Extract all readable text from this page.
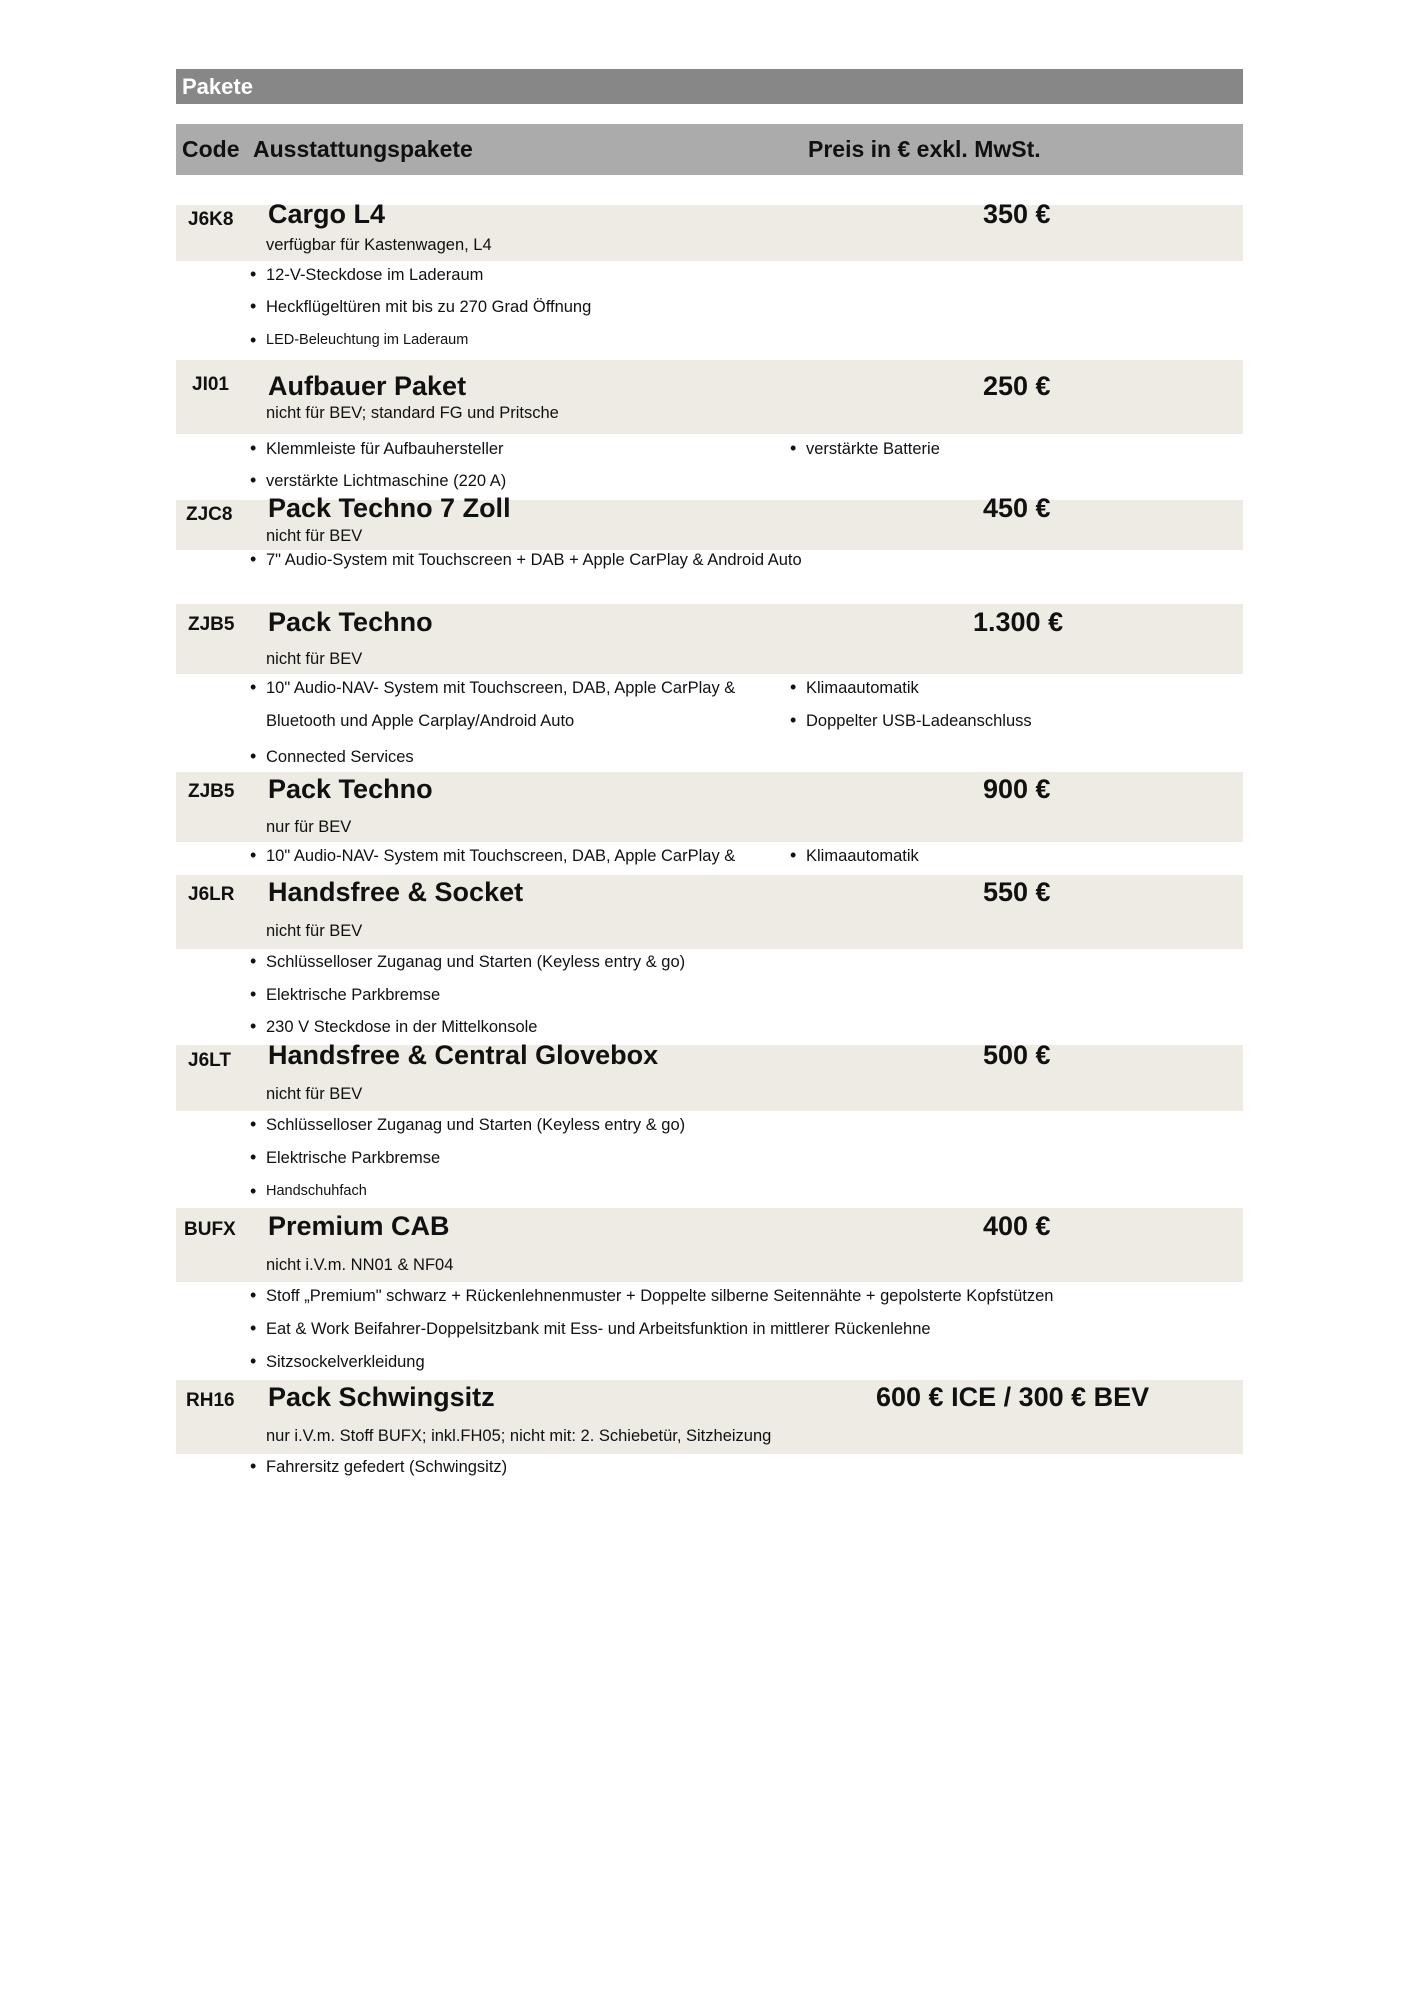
Pakete
Code Ausstattungspakete	Preis in € exkl. MwSt.
J6K8 Cargo L4	350 €
verfügbar für Kastenwagen, L4
• 12-V-Steckdose im Laderaum
• Heckflügeltüren mit bis zu 270 Grad Öffnung
• LED-Beleuchtung im Laderaum
JI01 Aufbauer Paket	250 €
nicht für BEV; standard FG und Pritsche
• Klemmleiste für Aufbauhersteller	• verstärkte Batterie
• verstärkte Lichtmaschine (220 A)
ZJC8 Pack Techno 7 Zoll	450 €
nicht für BEV
• 7" Audio-System mit Touchscreen + DAB + Apple CarPlay & Android Auto
ZJB5 Pack Techno	1.300 €
nicht für BEV
• 10" Audio-NAV- System mit Touchscreen, DAB, Apple CarPlay &	• Klimaautomatik
Bluetooth und Apple Carplay/Android Auto	• Doppelter USB-Ladeanschluss
• Connected Services
ZJB5 Pack Techno	900 €
nur für BEV
• 10" Audio-NAV- System mit Touchscreen, DAB, Apple CarPlay &	• Klimaautomatik
J6LR Handsfree & Socket	550 €
nicht für BEV
• Schlüsselloser Zuganag und Starten (Keyless entry & go)
• Elektrische Parkbremse
• 230 V Steckdose in der Mittelkonsole
J6LT Handsfree & Central Glovebox	500 €
nicht für BEV
• Schlüsselloser Zuganag und Starten (Keyless entry & go)
• Elektrische Parkbremse
• Handschuhfach
BUFX Premium CAB	400 €
nicht i.V.m. NN01 & NF04
• Stoff „Premium" schwarz + Rückenlehnenmuster + Doppelte silberne Seitennähte + gepolsterte Kopfstützen
• Eat & Work Beifahrer-Doppelsitzbank mit Ess- und Arbeitsfunktion in mittlerer Rückenlehne
• Sitzsockelverkleidung
RH16 Pack Schwingsitz	600 € ICE / 300 € BEV
nur i.V.m. Stoff BUFX; inkl.FH05; nicht mit: 2. Schiebetür, Sitzheizung
• Fahrersitz gefedert (Schwingsitz)
